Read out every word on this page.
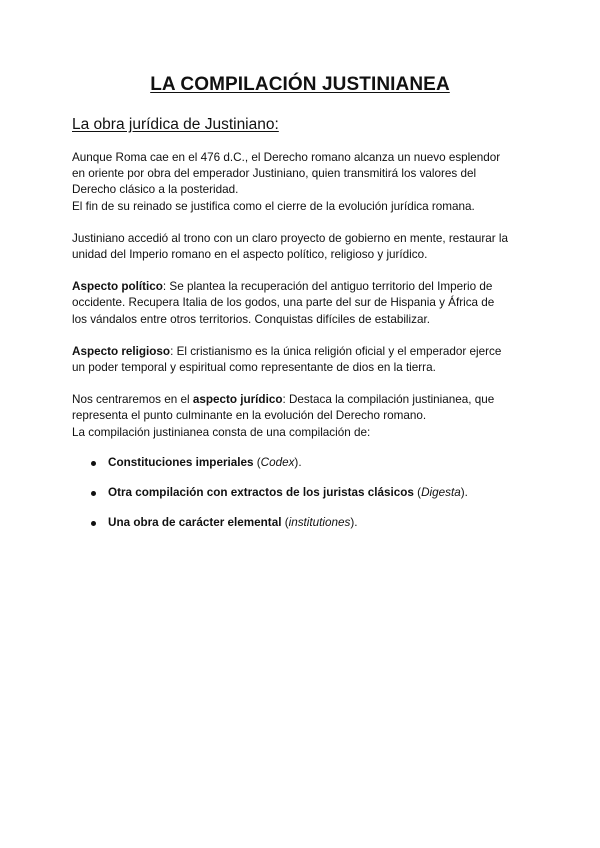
LA COMPILACIÓN JUSTINIANEA
La obra jurídica de Justiniano:

Aunque Roma cae en el 476 d.C., el Derecho romano alcanza un nuevo esplendor
en oriente por obra del emperador Justiniano, quien transmitirá los valores del
Derecho clásico a la posteridad.
El fin de su reinado se justifica como el cierre de la evolución jurídica romana.

Justiniano accedió al trono con un claro proyecto de gobierno en mente, restaurar la
unidad del Imperio romano en el aspecto político, religioso y jurídico.

Aspecto político: Se plantea la recuperación del antiguo territorio del Imperio de
occidente. Recupera Italia de los godos, una parte del sur de Hispania y África de
los vándalos entre otros territorios. Conquistas difíciles de estabilizar.

Aspecto religioso: El cristianismo es la única religión oficial y el emperador ejerce
un poder temporal y espiritual como representante de dios en la tierra.

Nos centraremos en el aspecto jurídico: Destaca la compilación justinianea, que
representa el punto culminante en la evolución del Derecho romano.
La compilación justinianea consta de una compilación de:

Constituciones imperiales (Codex).
Otra compilación con extractos de los juristas clásicos (Digesta).
Una obra de carácter elemental (institutiones).
